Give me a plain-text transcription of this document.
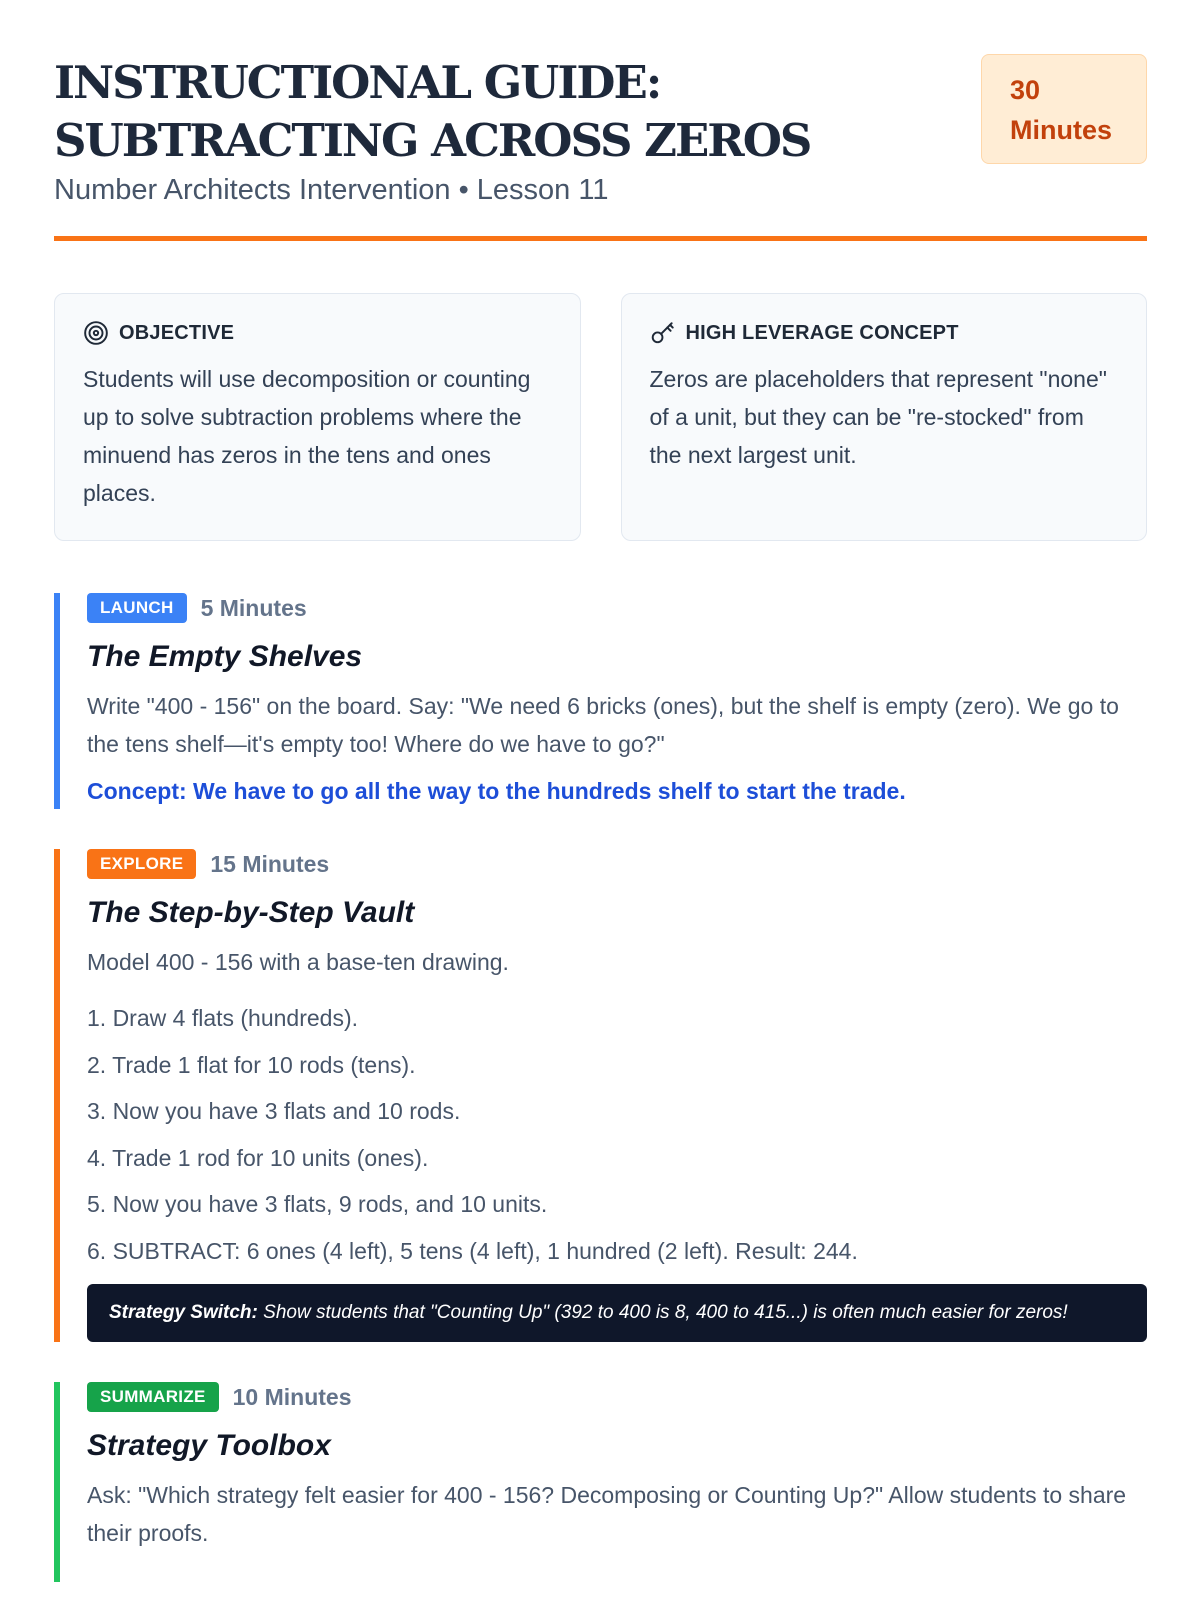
INSTRUCTIONAL GUIDE: SUBTRACTING ACROSS ZEROS
Number Architects Intervention • Lesson 11
30 Minutes
OBJECTIVE

Students will use decomposition or counting up to solve subtraction problems where the minuend has zeros in the tens and ones places.

HIGH LEVERAGE CONCEPT

Zeros are placeholders that represent "none" of a unit, but they can be "re-stocked" from the next largest unit.

LAUNCH	5 Minutes
The Empty Shelves

Write "400 - 156" on the board. Say: "We need 6 bricks (ones), but the shelf is empty (zero). We go to the tens shelf—it's empty too! Where do we have to go?"

Concept: We have to go all the way to the hundreds shelf to start the trade.

EXPLORE	15 Minutes
The Step-by-Step Vault

Model 400 - 156 with a base-ten drawing.

1. Draw 4 flats (hundreds).
2. Trade 1 flat for 10 rods (tens).
3. Now you have 3 flats and 10 rods.
4. Trade 1 rod for 10 units (ones).
5. Now you have 3 flats, 9 rods, and 10 units.
6. SUBTRACT: 6 ones (4 left), 5 tens (4 left), 1 hundred (2 left). Result: 244.
Strategy Switch: Show students that "Counting Up" (392 to 400 is 8, 400 to 415...) is often much easier for zeros!
SUMMARIZE	10 Minutes
Strategy Toolbox

Ask: "Which strategy felt easier for 400 - 156? Decomposing or Counting Up?" Allow students to share their proofs.
